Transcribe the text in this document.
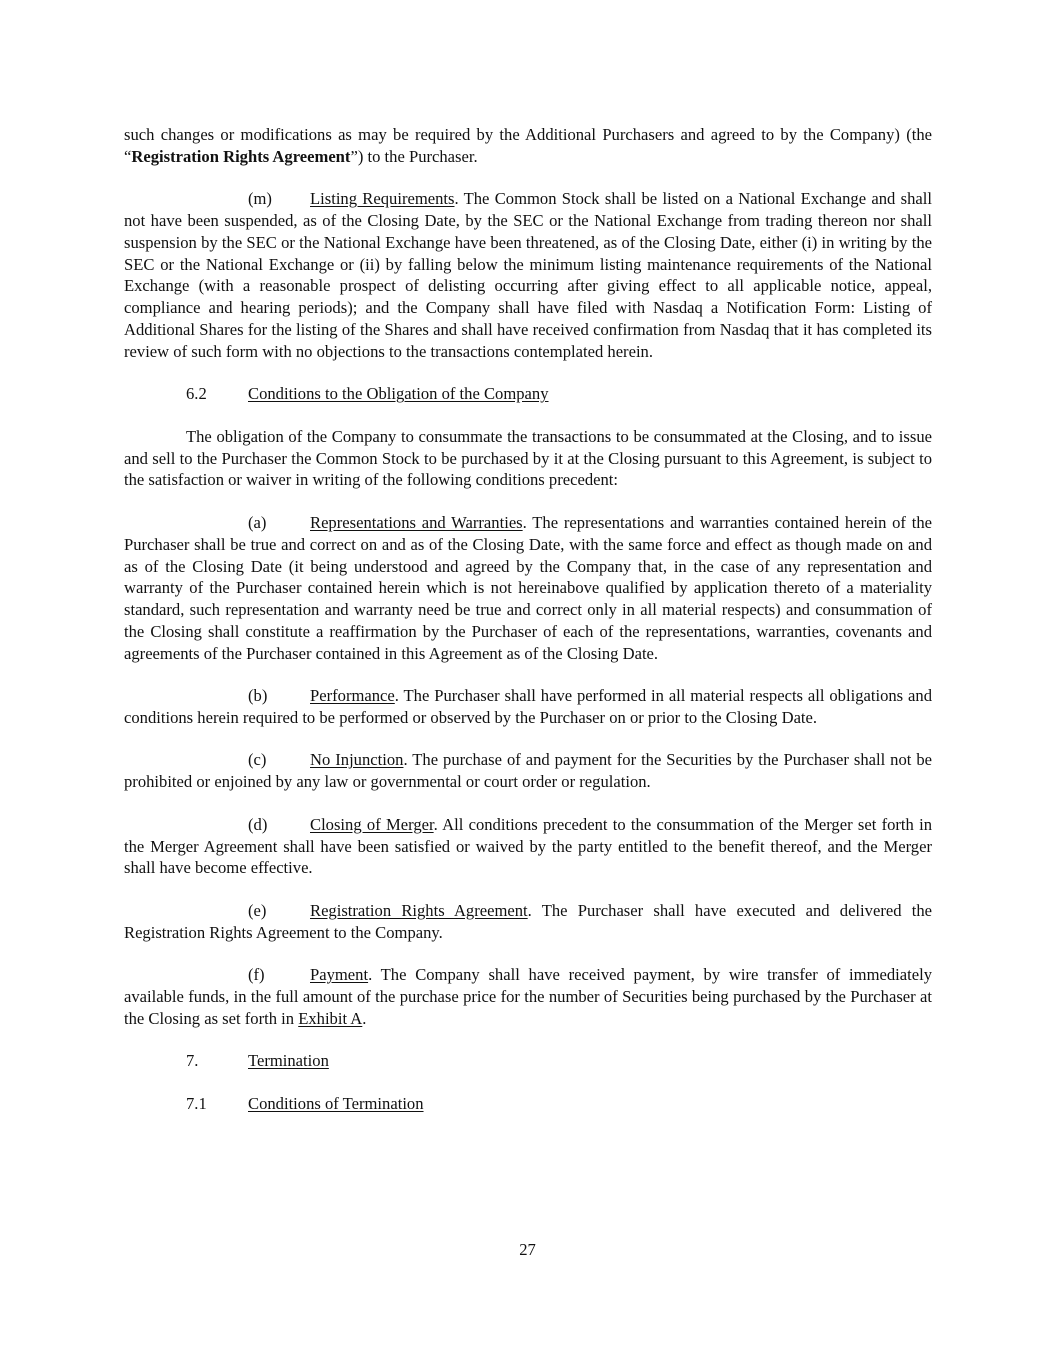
such changes or modifications as may be required by the Additional Purchasers and agreed to by the Company) (the “Registration Rights Agreement”) to the Purchaser.

(m) Listing Requirements. The Common Stock shall be listed on a National Exchange and shall not have been suspended, as of the Closing Date, by the SEC or the National Exchange from trading thereon nor shall suspension by the SEC or the National Exchange have been threatened, as of the Closing Date, either (i) in writing by the SEC or the National Exchange or (ii) by falling below the minimum listing maintenance requirements of the National Exchange (with a reasonable prospect of delisting occurring after giving effect to all applicable notice, appeal, compliance and hearing periods); and the Company shall have filed with Nasdaq a Notification Form: Listing of Additional Shares for the listing of the Shares and shall have received confirmation from Nasdaq that it has completed its review of such form with no objections to the transactions contemplated herein.

6.2 Conditions to the Obligation of the Company

The obligation of the Company to consummate the transactions to be consummated at the Closing, and to issue and sell to the Purchaser the Common Stock to be purchased by it at the Closing pursuant to this Agreement, is subject to the satisfaction or waiver in writing of the following conditions precedent:

(a)	Representations and Warranties. The representations and warranties contained herein of the Purchaser shall be true and correct on and as of the Closing Date, with the same force and effect as though made on and as of the Closing Date (it being understood and agreed by the Company that, in the case of any representation and warranty of the Purchaser contained herein which is not hereinabove qualified by application thereto of a materiality standard, such representation and warranty need be true and correct only in all material respects) and consummation of the Closing shall constitute a reaffirmation by the Purchaser of each of the representations, warranties, covenants and agreements of the Purchaser contained in this Agreement as of the Closing Date.

(b)	Performance. The Purchaser shall have performed in all material respects all obligations and conditions herein required to be performed or observed by the Purchaser on or prior to the Closing Date.

(c)	No Injunction. The purchase of and payment for the Securities by the Purchaser shall not be prohibited or enjoined by any law or governmental or court order or regulation.

(d)	Closing of Merger. All conditions precedent to the consummation of the Merger set forth in the Merger Agreement shall have been satisfied or waived by the party entitled to the benefit thereof, and the Merger shall have become effective.

(e)	Registration Rights Agreement. The Purchaser shall have executed and delivered the Registration Rights Agreement to the Company.

(f)	Payment. The Company shall have received payment, by wire transfer of immediately available funds, in the full amount of the purchase price for the number of Securities being purchased by the Purchaser at the Closing as set forth in Exhibit A.

7.	Termination

7.1 Conditions of Termination

27
